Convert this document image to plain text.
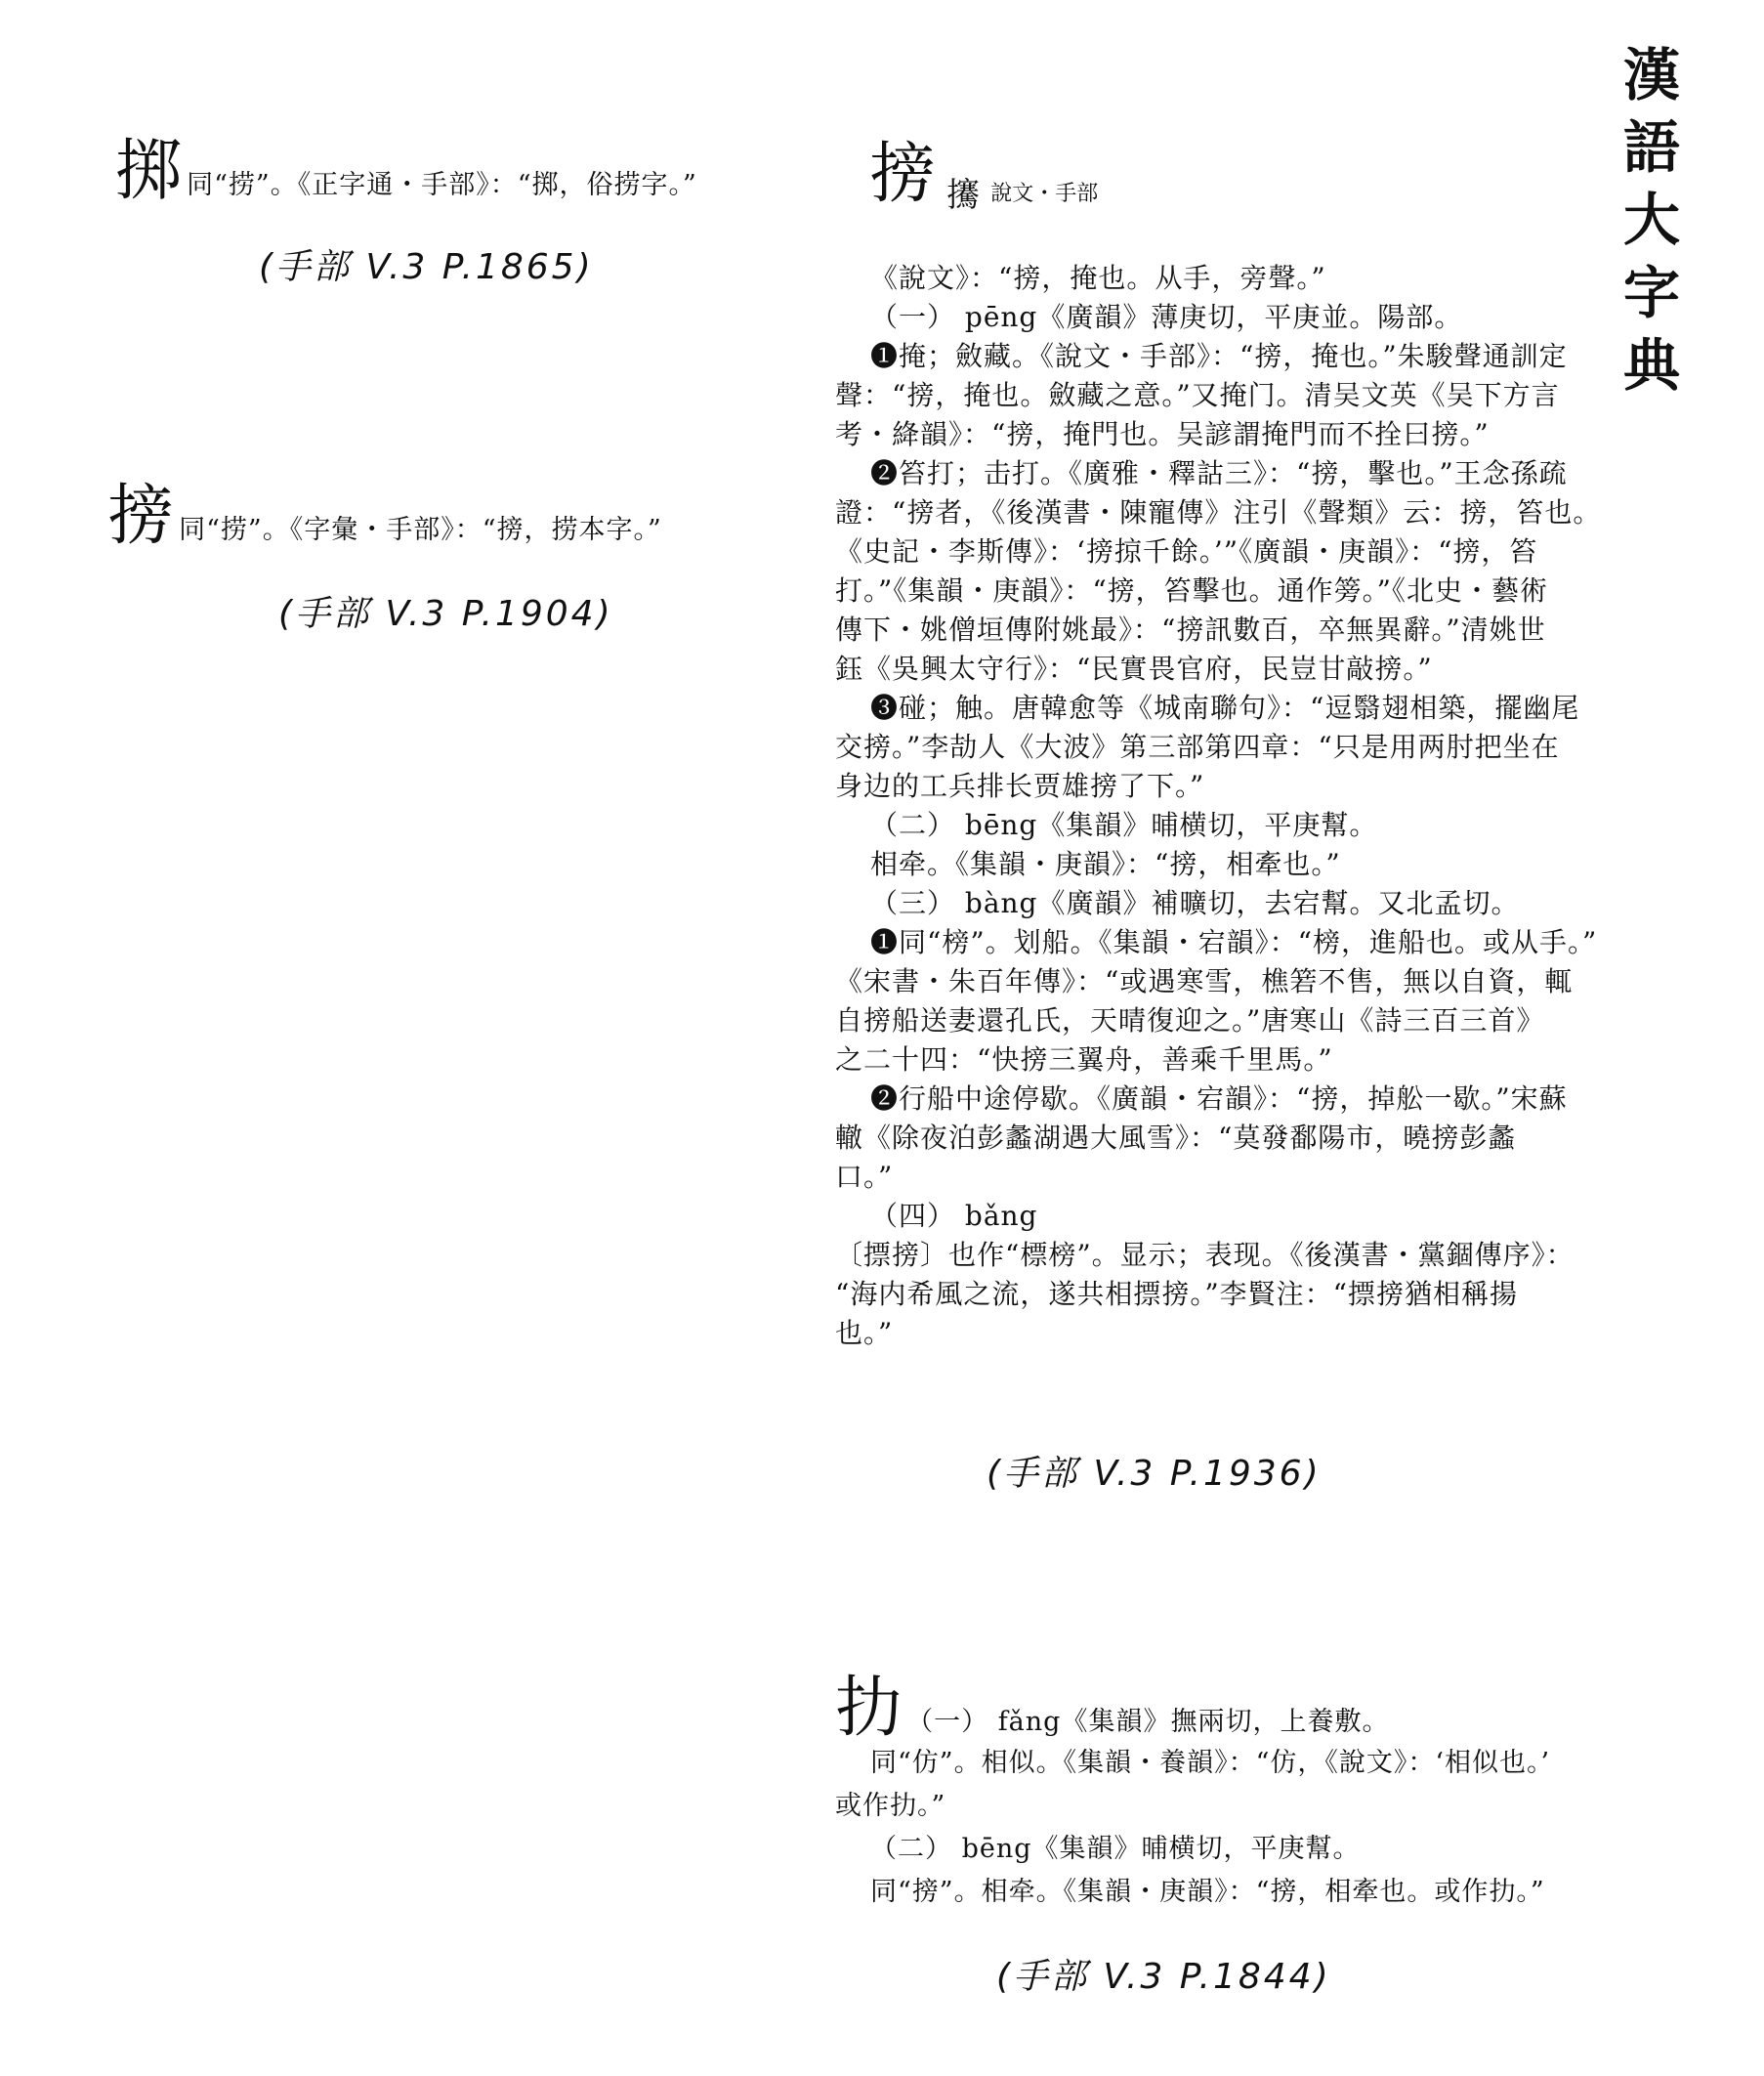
漢
語
大
字
典
掷 同“捞”。《正字通・手部》：“掷，俗捞字。”
(手部 V.3 P.1865)
搒 同“捞”。《字彙・手部》：“搒，捞本字。”
(手部 V.3 P.1904)
搒 㩷 說文・手部
《說文》：“搒，掩也。从手，旁聲。”
（一） pēng《廣韻》薄庚切，平庚並。陽部。
❶掩；斂藏。《說文・手部》：“搒，掩也。”朱駿聲通訓定
聲：“搒，掩也。斂藏之意。”又掩门。清吴文英《吴下方言
考・絳韻》：“搒，掩門也。吴諺謂掩門而不拴曰搒。”
❷笞打；击打。《廣雅・釋詁三》：“搒，擊也。”王念孫疏
證：“搒者，《後漢書・陳寵傳》注引《聲類》云：搒，笞也。
《史記・李斯傳》：‘搒掠千餘。’”《廣韻・庚韻》：“搒，笞
打。”《集韻・庚韻》：“搒，笞擊也。通作篣。”《北史・藝術
傳下・姚僧垣傳附姚最》：“搒訊數百，卒無異辭。”清姚世
鈺《吳興太守行》：“民實畏官府，民豈甘敲搒。”
❸碰；触。唐韓愈等《城南聯句》：“逗翳翅相築，擺幽尾
交搒。”李劼人《大波》第三部第四章：“只是用两肘把坐在
身边的工兵排长贾雄搒了下。”
（二） bēng《集韻》晡横切，平庚幫。
相牵。《集韻・庚韻》：“搒，相牽也。”
（三） bàng《廣韻》補曠切，去宕幫。又北孟切。
❶同“榜”。划船。《集韻・宕韻》：“榜，進船也。或从手。”
《宋書・朱百年傳》：“或遇寒雪，樵箬不售，無以自資，輒
自搒船送妻還孔氏，天晴復迎之。”唐寒山《詩三百三首》
之二十四：“快搒三翼舟，善乘千里馬。”
❷行船中途停歇。《廣韻・宕韻》：“搒，掉舩一歇。”宋蘇
轍《除夜泊彭蠡湖遇大風雪》：“莫發鄱陽市，曉搒彭蠡
口。”
（四） bǎng
〔摽搒〕也作“標榜”。显示；表现。《後漢書・黨錮傳序》：
“海内希風之流，遂共相摽搒。”李賢注：“摽搒猶相稱揚
也。”
(手部 V.3 P.1936)
扐 （一） fǎng《集韻》撫兩切，上養敷。
同“仿”。相似。《集韻・養韻》：“仿，《說文》：‘相似也。’
或作扐。”
（二） bēng《集韻》晡横切，平庚幫。
同“搒”。相牵。《集韻・庚韻》：“搒，相牽也。或作扐。”
(手部 V.3 P.1844)
